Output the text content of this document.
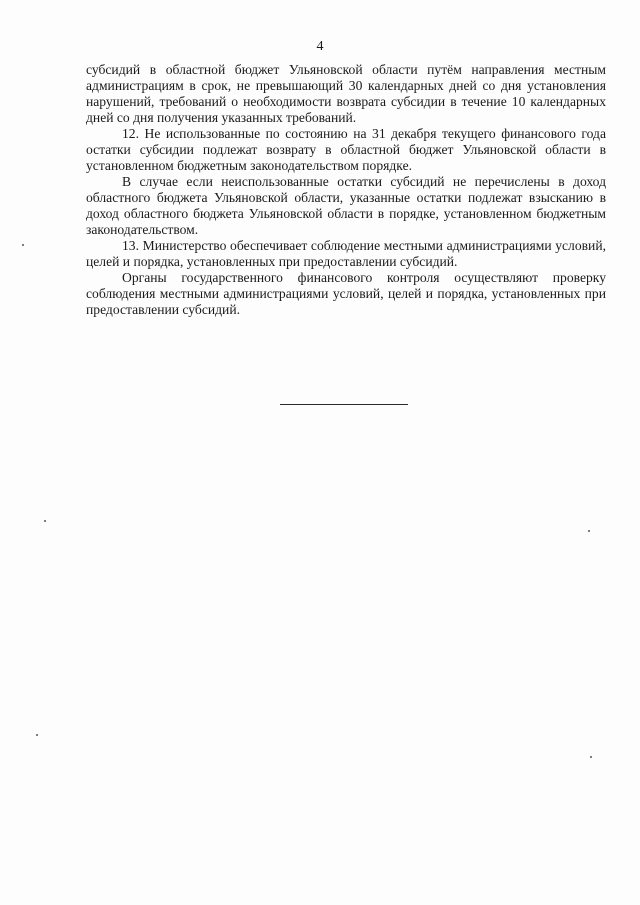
4

субсидий в областной бюджет Ульяновской области путём направления местным администрациям в срок, не превышающий 30 календарных дней со дня установления нарушений, требований о необходимости возврата субсидии в течение 10 календарных дней со дня получения указанных требований.

12. Не использованные по состоянию на 31 декабря текущего финансового года остатки субсидии подлежат возврату в областной бюджет Ульяновской области в установленном бюджетным законодательством порядке.

В случае если неиспользованные остатки субсидий не перечислены в доход областного бюджета Ульяновской области, указанные остатки подлежат взысканию в доход областного бюджета Ульяновской области в порядке, установленном бюджетным законодательством.

13. Министерство обеспечивает соблюдение местными администрациями условий, целей и порядка, установленных при предоставлении субсидий.

Органы государственного финансового контроля осуществляют проверку соблюдения местными администрациями условий, целей и порядка, установленных при предоставлении субсидий.
